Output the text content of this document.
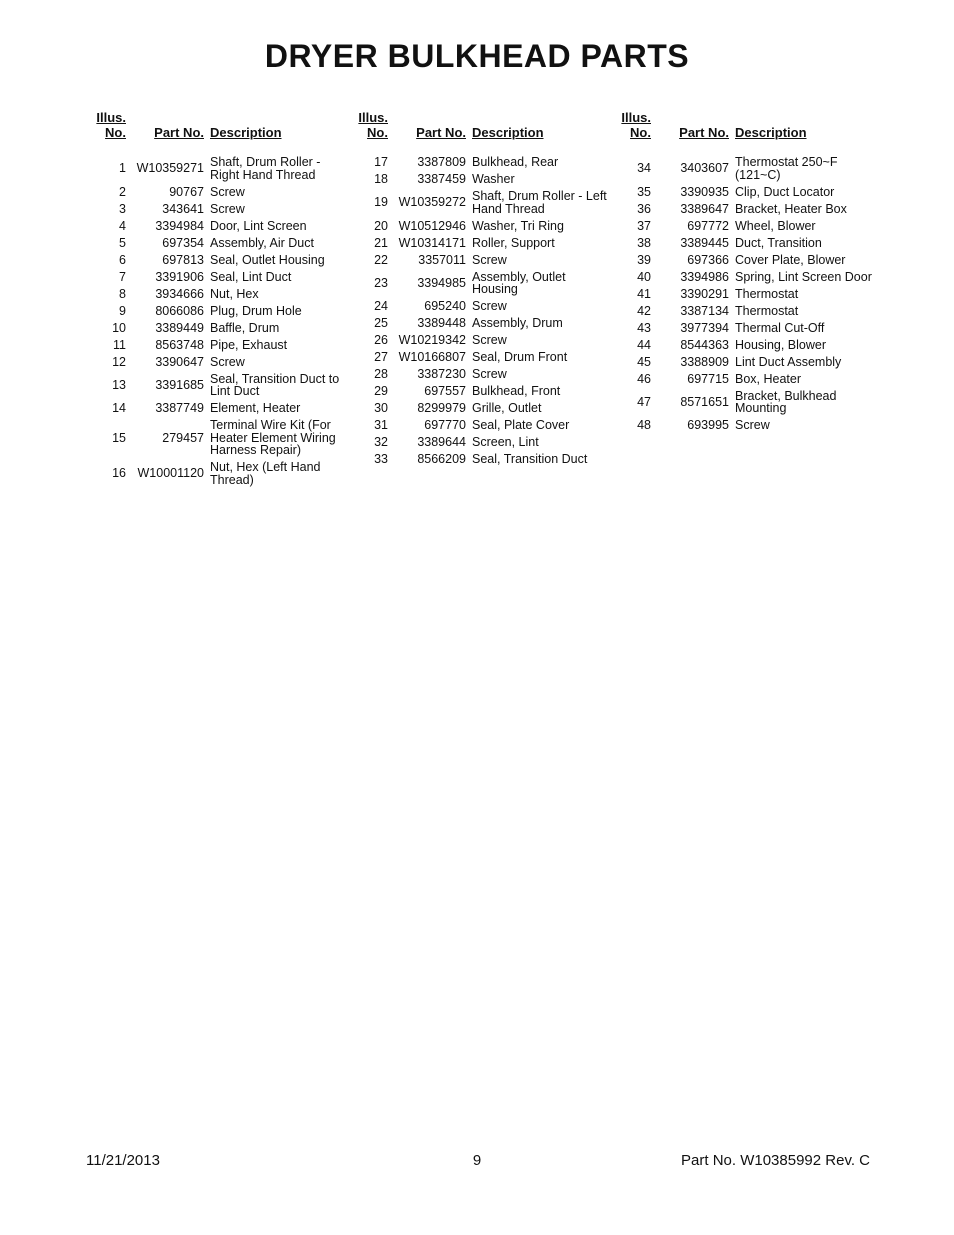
DRYER BULKHEAD PARTS
Illus.
No.	Part No.	Description
1	W10359271	Shaft, Drum Roller - Right Hand Thread
2	90767	Screw
3	343641	Screw
4	3394984	Door, Lint Screen
5	697354	Assembly, Air Duct
6	697813	Seal, Outlet Housing
7	3391906	Seal, Lint Duct
8	3934666	Nut, Hex
9	8066086	Plug, Drum Hole
10	3389449	Baffle, Drum
11	8563748	Pipe, Exhaust
12	3390647	Screw
13	3391685	Seal, Transition Duct to Lint Duct
14	3387749	Element, Heater
15	279457	Terminal Wire Kit (For Heater Element Wiring Harness Repair)
16	W10001120	Nut, Hex (Left Hand Thread)
Illus.
No.	Part No.	Description
17	3387809	Bulkhead, Rear
18	3387459	Washer
19	W10359272	Shaft, Drum Roller - Left Hand Thread
20	W10512946	Washer, Tri Ring
21	W10314171	Roller, Support
22	3357011	Screw
23	3394985	Assembly, Outlet Housing
24	695240	Screw
25	3389448	Assembly, Drum
26	W10219342	Screw
27	W10166807	Seal, Drum Front
28	3387230	Screw
29	697557	Bulkhead, Front
30	8299979	Grille, Outlet
31	697770	Seal, Plate Cover
32	3389644	Screen, Lint
33	8566209	Seal, Transition Duct
Illus.
No.	Part No.	Description
34	3403607	Thermostat 250~F (121~C)
35	3390935	Clip, Duct Locator
36	3389647	Bracket, Heater Box
37	697772	Wheel, Blower
38	3389445	Duct, Transition
39	697366	Cover Plate, Blower
40	3394986	Spring, Lint Screen Door
41	3390291	Thermostat
42	3387134	Thermostat
43	3977394	Thermal Cut-Off
44	8544363	Housing, Blower
45	3388909	Lint Duct Assembly
46	697715	Box, Heater
47	8571651	Bracket, Bulkhead Mounting
48	693995	Screw
11/21/2013	9	Part No. W10385992 Rev. C
